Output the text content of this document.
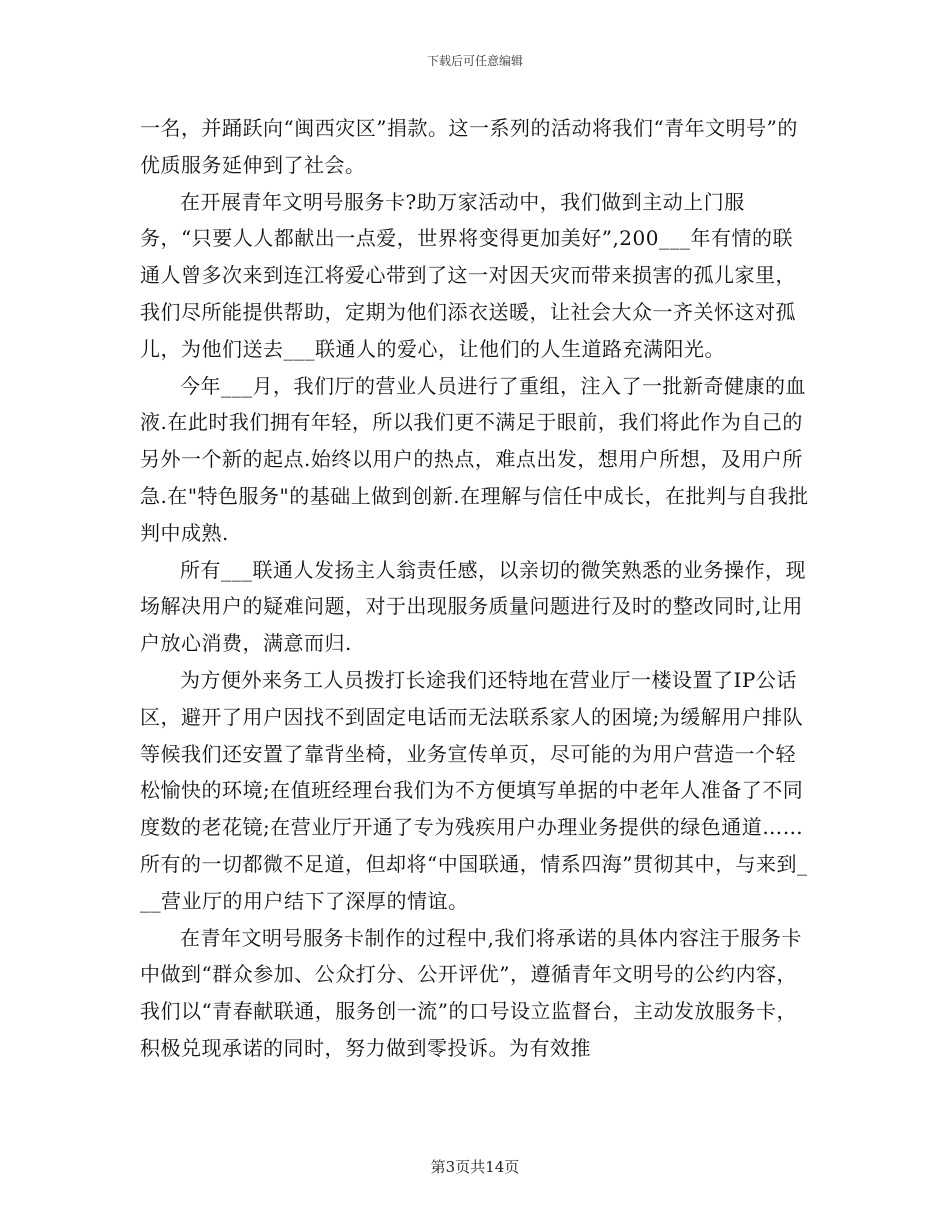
下载后可任意编辑

一名，并踊跃向“闽西灾区”捐款。这一系列的活动将我们“青年文明号”的优质服务延伸到了社会。

在开展青年文明号服务卡?助万家活动中，我们做到主动上门服务，“只要人人都献出一点爱，世界将变得更加美好”,200___年有情的联通人曾多次来到连江将爱心带到了这一对因天灾而带来损害的孤儿家里，我们尽所能提供帮助，定期为他们添衣送暖，让社会大众一齐关怀这对孤儿，为他们送去___联通人的爱心，让他们的人生道路充满阳光。

今年___月，我们厅的营业人员进行了重组，注入了一批新奇健康的血液.在此时我们拥有年轻，所以我们更不满足于眼前，我们将此作为自己的另外一个新的起点.始终以用户的热点，难点出发，想用户所想，及用户所急.在"特色服务"的基础上做到创新.在理解与信任中成长，在批判与自我批判中成熟.

所有___联通人发扬主人翁责任感，以亲切的微笑熟悉的业务操作，现场解决用户的疑难问题，对于出现服务质量问题进行及时的整改同时,让用户放心消费，满意而归.

为方便外来务工人员拨打长途我们还特地在营业厅一楼设置了IP公话区，避开了用户因找不到固定电话而无法联系家人的困境;为缓解用户排队等候我们还安置了靠背坐椅，业务宣传单页，尽可能的为用户营造一个轻松愉快的环境;在值班经理台我们为不方便填写单据的中老年人准备了不同度数的老花镜;在营业厅开通了专为残疾用户办理业务提供的绿色通道……所有的一切都微不足道，但却将“中国联通，情系四海”贯彻其中，与来到___营业厅的用户结下了深厚的情谊。

在青年文明号服务卡制作的过程中,我们将承诺的具体内容注于服务卡中做到“群众参加、公众打分、公开评优”，遵循青年文明号的公约内容，我们以“青春献联通，服务创一流”的口号设立监督台，主动发放服务卡，积极兑现承诺的同时，努力做到零投诉。为有效推

第3页共14页
